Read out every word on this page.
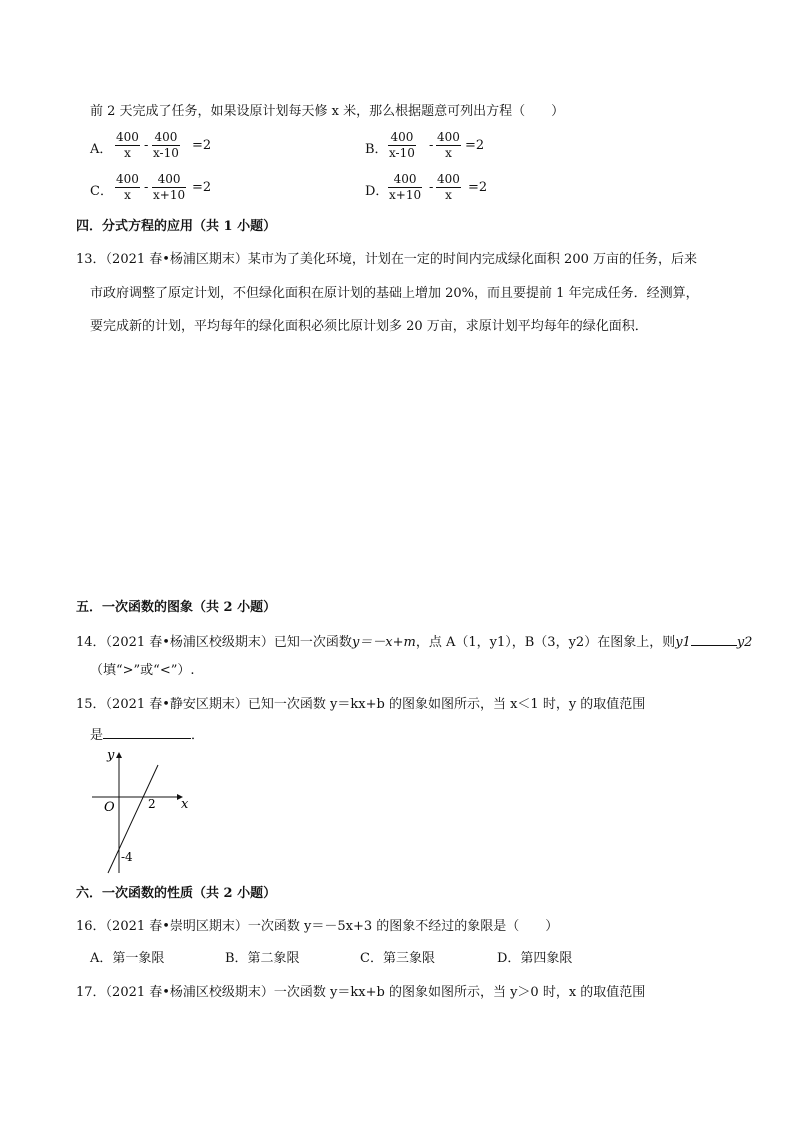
前 2 天完成了任务，如果设原计划每天修 x 米，那么根据题意可列出方程（　　）
A． $\frac{400}{x} - \frac{400}{x-10} =2$	B． $\frac{400}{x-10} - \frac{400}{x} =2$
C． $\frac{400}{x} - \frac{400}{x+10} =2$	D． $\frac{400}{x+10} - \frac{400}{x} =2$
四．分式方程的应用（共 1 小题）
13．（2021 春•杨浦区期末）某市为了美化环境，计划在一定的时间内完成绿化面积 200 万亩的任务，后来
市政府调整了原定计划，不但绿化面积在原计划的基础上增加 20%，而且要提前 1 年完成任务．经测算，
要完成新的计划，平均每年的绿化面积必须比原计划多 20 万亩，求原计划平均每年的绿化面积．
五．一次函数的图象（共 2 小题）
14．（2021 春•杨浦区校级期末）已知一次函数y＝－x+m，点 A（1，y1），B（3，y2）在图象上，则y1	y2
（填“>”或“<”）.
15．（2021 春•静安区期末）已知一次函数 y＝kx+b 的图象如图所示，当 x＜1 时，y 的取值范围
是	．
y
x
O	2
-4
六．一次函数的性质（共 2 小题）
16．（2021 春•崇明区期末）一次函数 y＝－5x+3 的图象不经过的象限是（　　）
A．第一象限	B．第二象限	C．第三象限	D．第四象限
17．（2021 春•杨浦区校级期末）一次函数 y＝kx+b 的图象如图所示，当 y＞0 时，x 的取值范围
